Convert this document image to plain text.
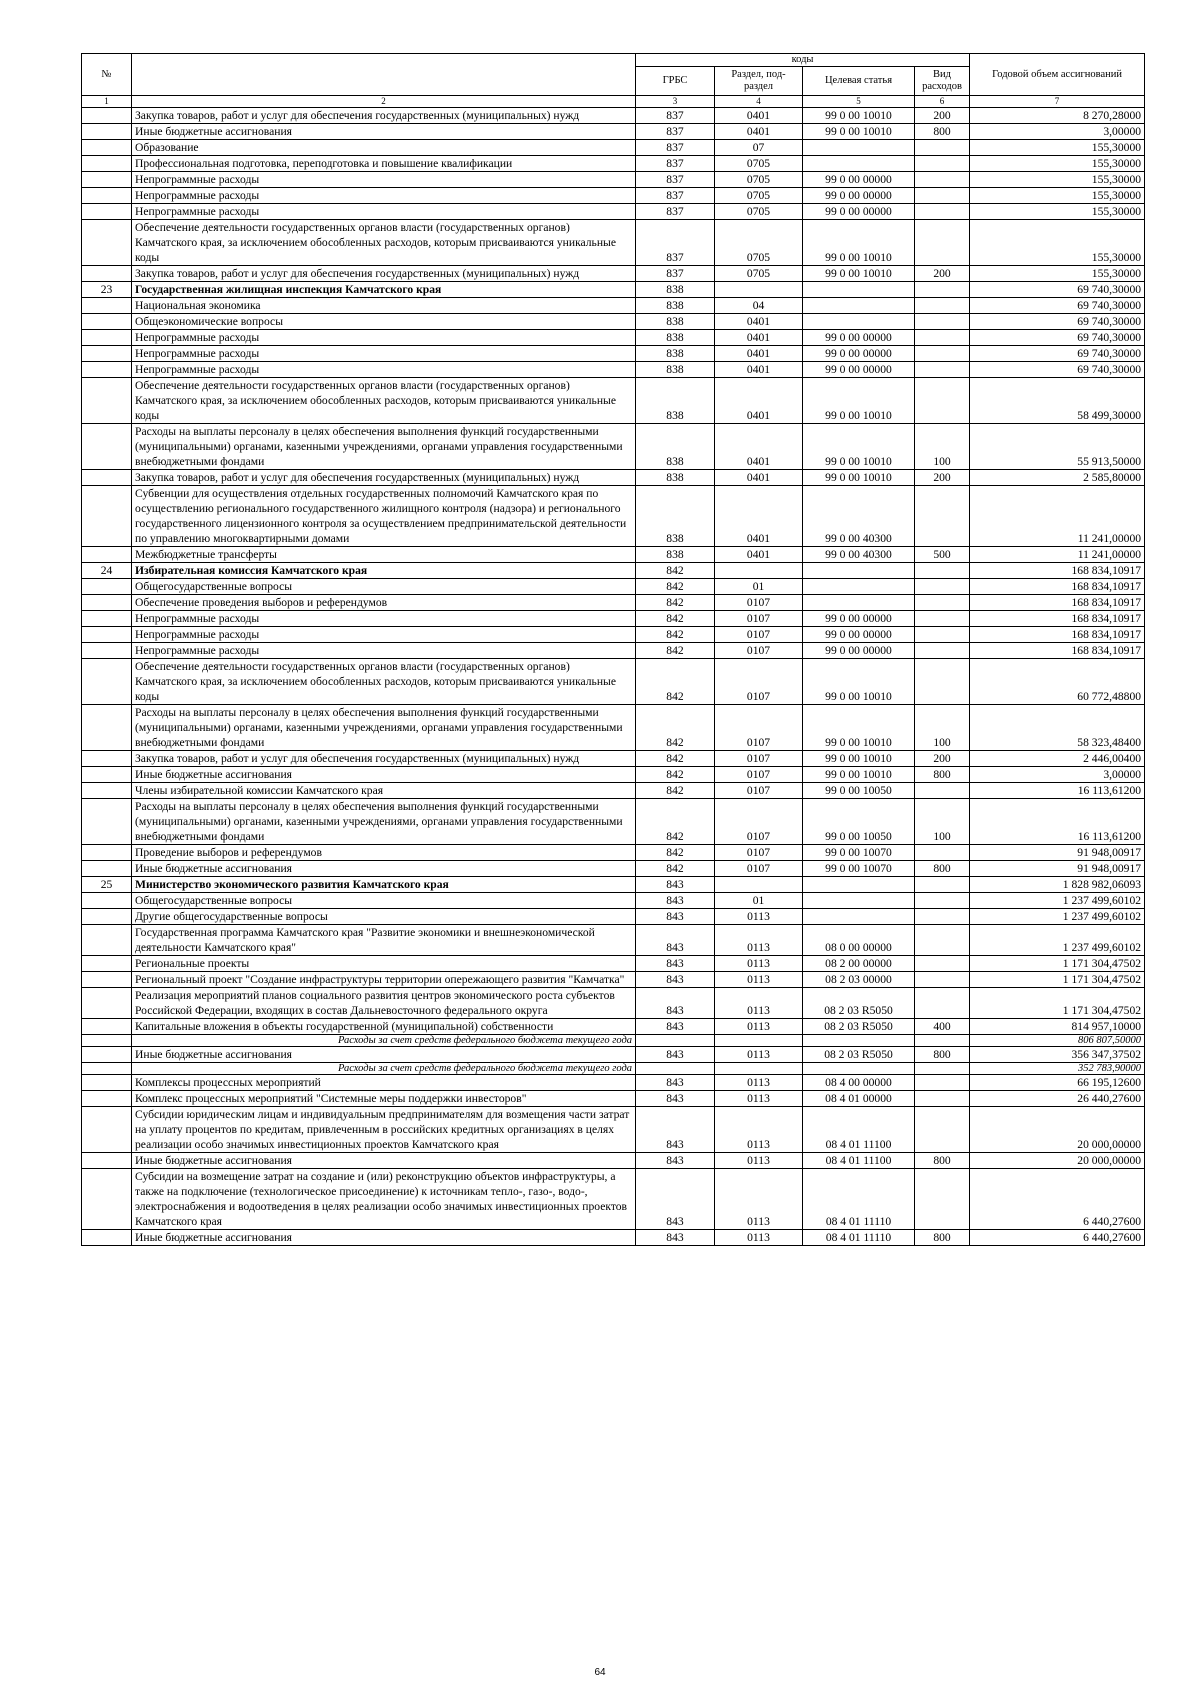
№		коды				Годовой объем ассигнований
		ГРБС	Раздел, под-раздел	Целевая статья	Вид расходов	
1	2	3	4	5	6	7
	Закупка товаров, работ и услуг для обеспечения государственных (муниципальных) нужд	837	0401	99 0 00 10010	200	8 270,28000
	Иные бюджетные ассигнования	837	0401	99 0 00 10010	800	3,00000
	Образование	837	07			155,30000
	Профессиональная подготовка, переподготовка и повышение квалификации	837	0705			155,30000
	Непрограммные расходы	837	0705	99 0 00 00000		155,30000
	Непрограммные расходы	837	0705	99 0 00 00000		155,30000
	Непрограммные расходы	837	0705	99 0 00 00000		155,30000
	Обеспечение деятельности государственных органов власти (государственных органов) Камчатского края, за исключением обособленных расходов, которым присваиваются уникальные коды	837	0705	99 0 00 10010		155,30000
	Закупка товаров, работ и услуг для обеспечения государственных (муниципальных) нужд	837	0705	99 0 00 10010	200	155,30000
23	Государственная жилищная инспекция Камчатского края	838				69 740,30000
	Национальная экономика	838	04			69 740,30000
	Общеэкономические вопросы	838	0401			69 740,30000
	Непрограммные расходы	838	0401	99 0 00 00000		69 740,30000
	Непрограммные расходы	838	0401	99 0 00 00000		69 740,30000
	Непрограммные расходы	838	0401	99 0 00 00000		69 740,30000
	Обеспечение деятельности государственных органов власти (государственных органов) Камчатского края, за исключением обособленных расходов, которым присваиваются уникальные коды	838	0401	99 0 00 10010		58 499,30000
	Расходы на выплаты персоналу в целях обеспечения выполнения функций государственными (муниципальными) органами, казенными учреждениями, органами управления государственными внебюджетными фондами	838	0401	99 0 00 10010	100	55 913,50000
	Закупка товаров, работ и услуг для обеспечения государственных (муниципальных) нужд	838	0401	99 0 00 10010	200	2 585,80000
	Субвенции для осуществления отдельных государственных полномочий Камчатского края по осуществлению регионального государственного жилищного контроля (надзора) и регионального государственного лицензионного контроля за осуществлением предпринимательской деятельности по управлению многоквартирными домами	838	0401	99 0 00 40300		11 241,00000
	Межбюджетные трансферты	838	0401	99 0 00 40300	500	11 241,00000
24	Избирательная комиссия Камчатского края	842				168 834,10917
	Общегосударственные вопросы	842	01			168 834,10917
	Обеспечение проведения выборов и референдумов	842	0107			168 834,10917
	Непрограммные расходы	842	0107	99 0 00 00000		168 834,10917
	Непрограммные расходы	842	0107	99 0 00 00000		168 834,10917
	Непрограммные расходы	842	0107	99 0 00 00000		168 834,10917
	Обеспечение деятельности государственных органов власти (государственных органов) Камчатского края, за исключением обособленных расходов, которым присваиваются уникальные коды	842	0107	99 0 00 10010		60 772,48800
	Расходы на выплаты персоналу в целях обеспечения выполнения функций государственными (муниципальными) органами, казенными учреждениями, органами управления государственными внебюджетными фондами	842	0107	99 0 00 10010	100	58 323,48400
	Закупка товаров, работ и услуг для обеспечения государственных (муниципальных) нужд	842	0107	99 0 00 10010	200	2 446,00400
	Иные бюджетные ассигнования	842	0107	99 0 00 10010	800	3,00000
	Члены избирательной комиссии Камчатского края	842	0107	99 0 00 10050		16 113,61200
	Расходы на выплаты персоналу в целях обеспечения выполнения функций государственными (муниципальными) органами, казенными учреждениями, органами управления государственными внебюджетными фондами	842	0107	99 0 00 10050	100	16 113,61200
	Проведение выборов и референдумов	842	0107	99 0 00 10070		91 948,00917
	Иные бюджетные ассигнования	842	0107	99 0 00 10070	800	91 948,00917
25	Министерство экономического развития Камчатского края	843				1 828 982,06093
	Общегосударственные вопросы	843	01			1 237 499,60102
	Другие общегосударственные вопросы	843	0113			1 237 499,60102
	Государственная программа Камчатского края "Развитие экономики и внешнеэкономической деятельности Камчатского края"	843	0113	08 0 00 00000		1 237 499,60102
	Региональные проекты	843	0113	08 2 00 00000		1 171 304,47502
	Региональный проект "Создание инфраструктуры территории опережающего развития "Камчатка"	843	0113	08 2 03 00000		1 171 304,47502
	Реализация мероприятий планов социального развития центров экономического роста субъектов Российской Федерации, входящих в состав Дальневосточного федерального округа	843	0113	08 2 03 R5050		1 171 304,47502
	Капитальные вложения в объекты государственной (муниципальной) собственности	843	0113	08 2 03 R5050	400	814 957,10000
	Расходы за счет средств федерального бюджета текущего года					806 807,50000
	Иные бюджетные ассигнования	843	0113	08 2 03 R5050	800	356 347,37502
	Расходы за счет средств федерального бюджета текущего года					352 783,90000
	Комплексы процессных мероприятий	843	0113	08 4 00 00000		66 195,12600
	Комплекс процессных мероприятий "Системные меры поддержки инвесторов"	843	0113	08 4 01 00000		26 440,27600
	Субсидии юридическим лицам и индивидуальным предпринимателям для возмещения части затрат на уплату процентов по кредитам, привлеченным в российских кредитных организациях в целях реализации особо значимых инвестиционных проектов Камчатского края	843	0113	08 4 01 11100		20 000,00000
	Иные бюджетные ассигнования	843	0113	08 4 01 11100	800	20 000,00000
	Субсидии на возмещение затрат на создание и (или) реконструкцию объектов инфраструктуры, а также на подключение (технологическое присоединение) к источникам тепло-, газо-, водо-, электроснабжения и водоотведения в целях реализации особо значимых инвестиционных проектов Камчатского края	843	0113	08 4 01 11110		6 440,27600
	Иные бюджетные ассигнования	843	0113	08 4 01 11110	800	6 440,27600
64
